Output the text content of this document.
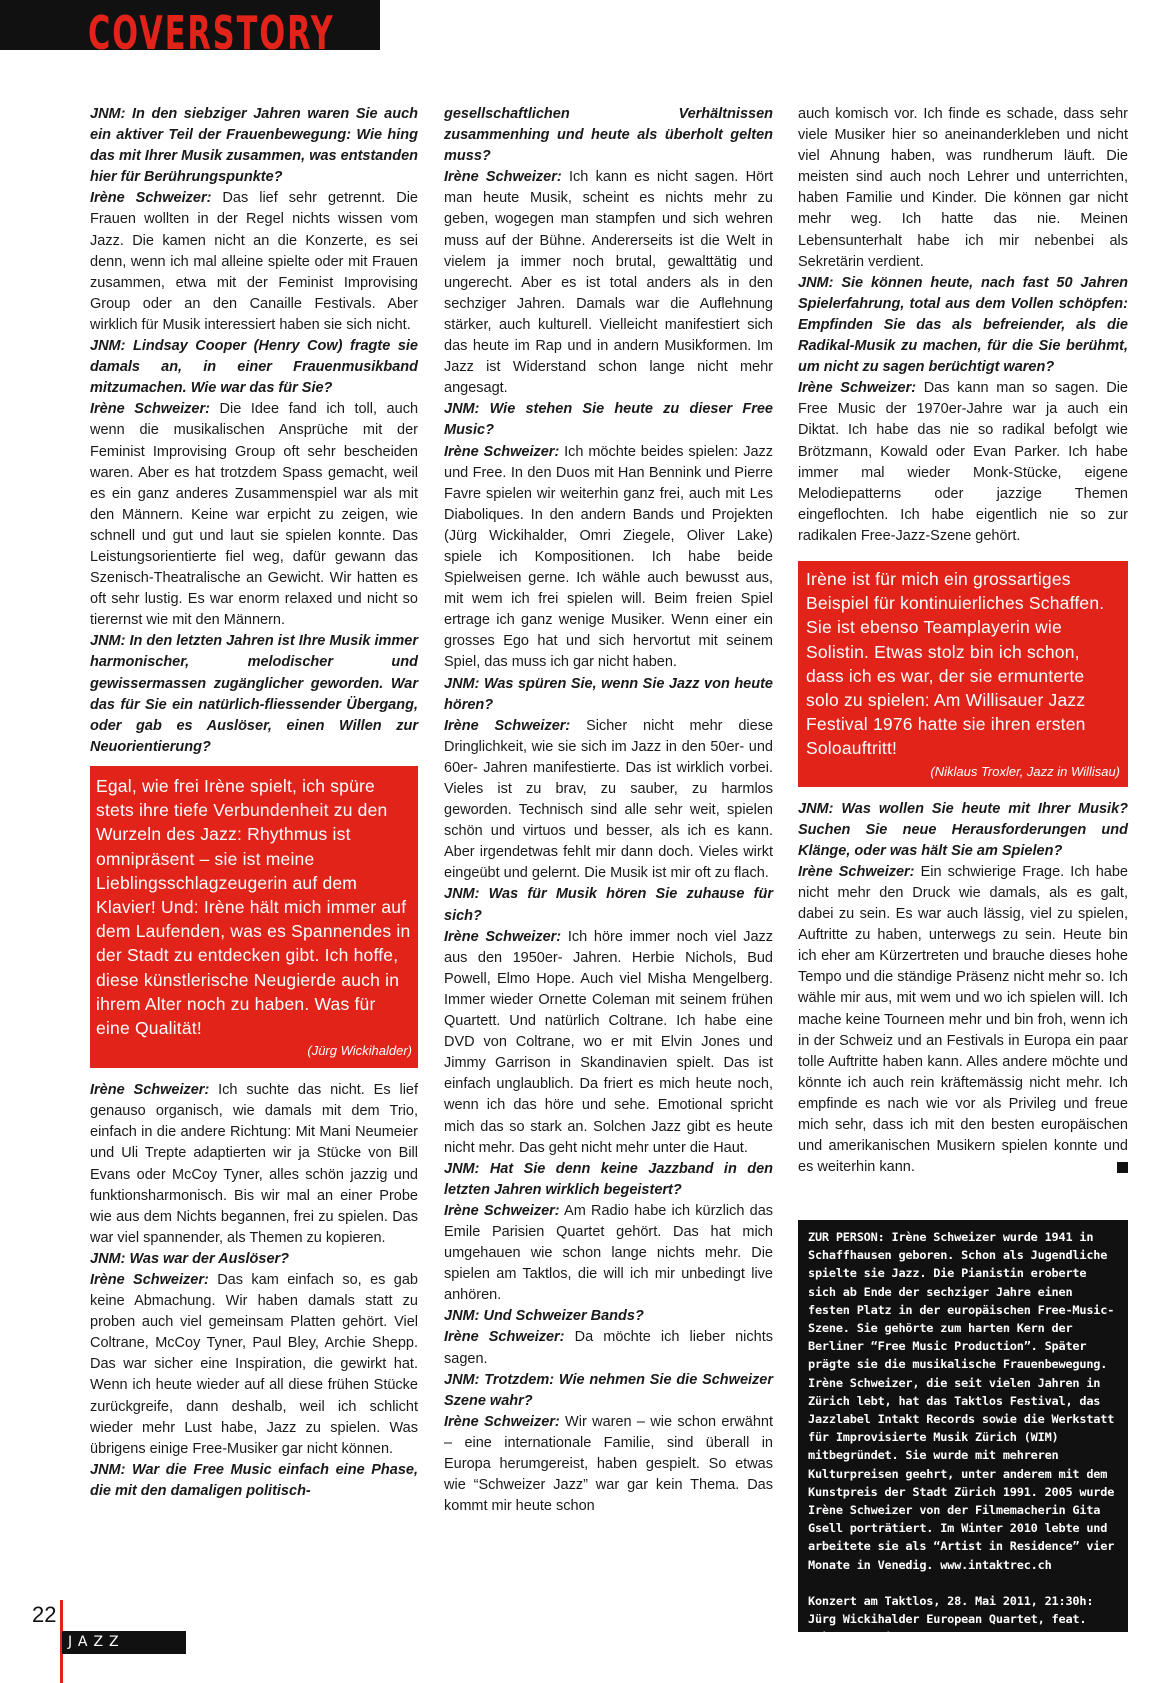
COVERSTORY

JNM: In den siebziger Jahren waren Sie auch ein aktiver Teil der Frauenbewegung: Wie hing das mit Ihrer Musik zusammen, was entstanden hier für Berührungspunkte?

Irène Schweizer: Das lief sehr getrennt. Die Frauen wollten in der Regel nichts wissen vom Jazz. Die kamen nicht an die Konzerte, es sei denn, wenn ich mal alleine spielte oder mit Frauen zusammen, etwa mit der Feminist Improvising Group oder an den Canaille Festivals. Aber wirklich für Musik interessiert haben sie sich nicht.

JNM: Lindsay Cooper (Henry Cow) fragte sie damals an, in einer Frauenmusikband mitzumachen. Wie war das für Sie?

Irène Schweizer: Die Idee fand ich toll, auch wenn die musikalischen Ansprüche mit der Feminist Improvising Group oft sehr bescheiden waren. Aber es hat trotzdem Spass gemacht, weil es ein ganz anderes Zusammenspiel war als mit den Männern. Keine war erpicht zu zeigen, wie schnell und gut und laut sie spielen konnte. Das Leistungsorientierte fiel weg, dafür gewann das Szenisch-Theatralische an Gewicht. Wir hatten es oft sehr lustig. Es war enorm relaxed und nicht so tierernst wie mit den Männern.

JNM: In den letzten Jahren ist Ihre Musik immer harmonischer, melodischer und gewissermassen zugänglicher geworden. War das für Sie ein natürlich-fliessender Übergang, oder gab es Auslöser, einen Willen zur Neuorientierung?

Egal, wie frei Irène spielt, ich spüre stets ihre tiefe Verbundenheit zu den Wurzeln des Jazz: Rhythmus ist omnipräsent – sie ist meine Lieblingsschlagzeugerin auf dem Klavier! Und: Irène hält mich immer auf dem Laufenden, was es Spannendes in der Stadt zu entdecken gibt. Ich hoffe, diese künstlerische Neugierde auch in ihrem Alter noch zu haben. Was für eine Qualität!
(Jürg Wickihalder)

Irène Schweizer: Ich suchte das nicht. Es lief genauso organisch, wie damals mit dem Trio, einfach in die andere Richtung: Mit Mani Neumeier und Uli Trepte adaptierten wir ja Stücke von Bill Evans oder McCoy Tyner, alles schön jazzig und funktionsharmonisch. Bis wir mal an einer Probe wie aus dem Nichts begannen, frei zu spielen. Das war viel spannender, als Themen zu kopieren.

JNM: Was war der Auslöser?

Irène Schweizer: Das kam einfach so, es gab keine Abmachung. Wir haben damals statt zu proben auch viel gemeinsam Platten gehört. Viel Coltrane, McCoy Tyner, Paul Bley, Archie Shepp. Das war sicher eine Inspiration, die gewirkt hat. Wenn ich heute wieder auf all diese frühen Stücke zurückgreife, dann deshalb, weil ich schlicht wieder mehr Lust habe, Jazz zu spielen. Was übrigens einige Free-Musiker gar nicht können.

JNM: War die Free Music einfach eine Phase, die mit den damaligen politisch-

gesellschaftlichen Verhältnissen zusammenhing und heute als überholt gelten muss?

Irène Schweizer: Ich kann es nicht sagen. Hört man heute Musik, scheint es nichts mehr zu geben, wogegen man stampfen und sich wehren muss auf der Bühne. Andererseits ist die Welt in vielem ja immer noch brutal, gewalttätig und ungerecht. Aber es ist total anders als in den sechziger Jahren. Damals war die Auflehnung stärker, auch kulturell. Vielleicht manifestiert sich das heute im Rap und in andern Musikformen. Im Jazz ist Widerstand schon lange nicht mehr angesagt.

JNM: Wie stehen Sie heute zu dieser Free Music?

Irène Schweizer: Ich möchte beides spielen: Jazz und Free. In den Duos mit Han Bennink und Pierre Favre spielen wir weiterhin ganz frei, auch mit Les Diaboliques. In den andern Bands und Projekten (Jürg Wickihalder, Omri Ziegele, Oliver Lake) spiele ich Kompositionen. Ich habe beide Spielweisen gerne. Ich wähle auch bewusst aus, mit wem ich frei spielen will. Beim freien Spiel ertrage ich ganz wenige Musiker. Wenn einer ein grosses Ego hat und sich hervortut mit seinem Spiel, das muss ich gar nicht haben.

JNM: Was spüren Sie, wenn Sie Jazz von heute hören?

Irène Schweizer: Sicher nicht mehr diese Dringlichkeit, wie sie sich im Jazz in den 50er- und 60er- Jahren manifestierte. Das ist wirklich vorbei. Vieles ist zu brav, zu sauber, zu harmlos geworden. Technisch sind alle sehr weit, spielen schön und virtuos und besser, als ich es kann. Aber irgendetwas fehlt mir dann doch. Vieles wirkt eingeübt und gelernt. Die Musik ist mir oft zu flach.

JNM: Was für Musik hören Sie zuhause für sich?

Irène Schweizer: Ich höre immer noch viel Jazz aus den 1950er- Jahren. Herbie Nichols, Bud Powell, Elmo Hope. Auch viel Misha Mengelberg. Immer wieder Ornette Coleman mit seinem frühen Quartett. Und natürlich Coltrane. Ich habe eine DVD von Coltrane, wo er mit Elvin Jones und Jimmy Garrison in Skandinavien spielt. Das ist einfach unglaublich. Da friert es mich heute noch, wenn ich das höre und sehe. Emotional spricht mich das so stark an. Solchen Jazz gibt es heute nicht mehr. Das geht nicht mehr unter die Haut.

JNM: Hat Sie denn keine Jazzband in den letzten Jahren wirklich begeistert?

Irène Schweizer: Am Radio habe ich kürzlich das Emile Parisien Quartet gehört. Das hat mich umgehauen wie schon lange nichts mehr. Die spielen am Taktlos, die will ich mir unbedingt live anhören.

JNM: Und Schweizer Bands?

Irène Schweizer: Da möchte ich lieber nichts sagen.

JNM: Trotzdem: Wie nehmen Sie die Schweizer Szene wahr?

Irène Schweizer: Wir waren – wie schon erwähnt – eine internationale Familie, sind überall in Europa herumgereist, haben gespielt. So etwas wie “Schweizer Jazz” war gar kein Thema. Das kommt mir heute schon

auch komisch vor. Ich finde es schade, dass sehr viele Musiker hier so aneinanderkleben und nicht viel Ahnung haben, was rundherum läuft. Die meisten sind auch noch Lehrer und unterrichten, haben Familie und Kinder. Die können gar nicht mehr weg. Ich hatte das nie. Meinen Lebensunterhalt habe ich mir nebenbei als Sekretärin verdient.

JNM: Sie können heute, nach fast 50 Jahren Spielerfahrung, total aus dem Vollen schöpfen: Empfinden Sie das als befreiender, als die Radikal-Musik zu machen, für die Sie berühmt, um nicht zu sagen berüchtigt waren?

Irène Schweizer: Das kann man so sagen. Die Free Music der 1970er-Jahre war ja auch ein Diktat. Ich habe das nie so radikal befolgt wie Brötzmann, Kowald oder Evan Parker. Ich habe immer mal wieder Monk-Stücke, eigene Melodiepatterns oder jazzige Themen eingeflochten. Ich habe eigentlich nie so zur radikalen Free-Jazz-Szene gehört.

Irène ist für mich ein grossartiges Beispiel für kontinuierliches Schaffen. Sie ist ebenso Teamplayerin wie Solistin. Etwas stolz bin ich schon, dass ich es war, der sie ermunterte solo zu spielen: Am Willisauer Jazz Festival 1976 hatte sie ihren ersten Soloauftritt!
(Niklaus Troxler, Jazz in Willisau)

JNM: Was wollen Sie heute mit Ihrer Musik? Suchen Sie neue Herausforderungen und Klänge, oder was hält Sie am Spielen?

Irène Schweizer: Ein schwierige Frage. Ich habe nicht mehr den Druck wie damals, als es galt, dabei zu sein. Es war auch lässig, viel zu spielen, Auftritte zu haben, unterwegs zu sein. Heute bin ich eher am Kürzertreten und brauche dieses hohe Tempo und die ständige Präsenz nicht mehr so. Ich wähle mir aus, mit wem und wo ich spielen will. Ich mache keine Tourneen mehr und bin froh, wenn ich in der Schweiz und an Festivals in Europa ein paar tolle Auftritte haben kann. Alles andere möchte und könnte ich auch rein kräftemässig nicht mehr. Ich empfinde es nach wie vor als Privileg und freue mich sehr, dass ich mit den besten europäischen und amerikanischen Musikern spielen konnte und es weiterhin kann.

ZUR PERSON: Irène Schweizer wurde 1941 in Schaffhausen geboren. Schon als Jugendliche spielte sie Jazz. Die Pianistin eroberte sich ab Ende der sechziger Jahre einen festen Platz in der europäischen Free-Music-Szene. Sie gehörte zum harten Kern der Berliner “Free Music Production”. Später prägte sie die musikalische Frauenbewegung. Irène Schweizer, die seit vielen Jahren in Zürich lebt, hat das Taktlos Festival, das Jazzlabel Intakt Records sowie die Werkstatt für Improvisierte Musik Zürich (WIM) mitbegründet. Sie wurde mit mehreren Kulturpreisen geehrt, unter anderem mit dem Kunstpreis der Stadt Zürich 1991. 2005 wurde Irène Schweizer von der Filmemacherin Gita Gsell porträtiert. Im Winter 2010 lebte und arbeitete sie als “Artist in Residence” vier Monate in Venedig. www.intaktrec.ch

Konzert am Taktlos, 28. Mai 2011, 21:30h: Jürg Wickihalder European Quartet, feat. Irène Schweizer

22
JAZZ
